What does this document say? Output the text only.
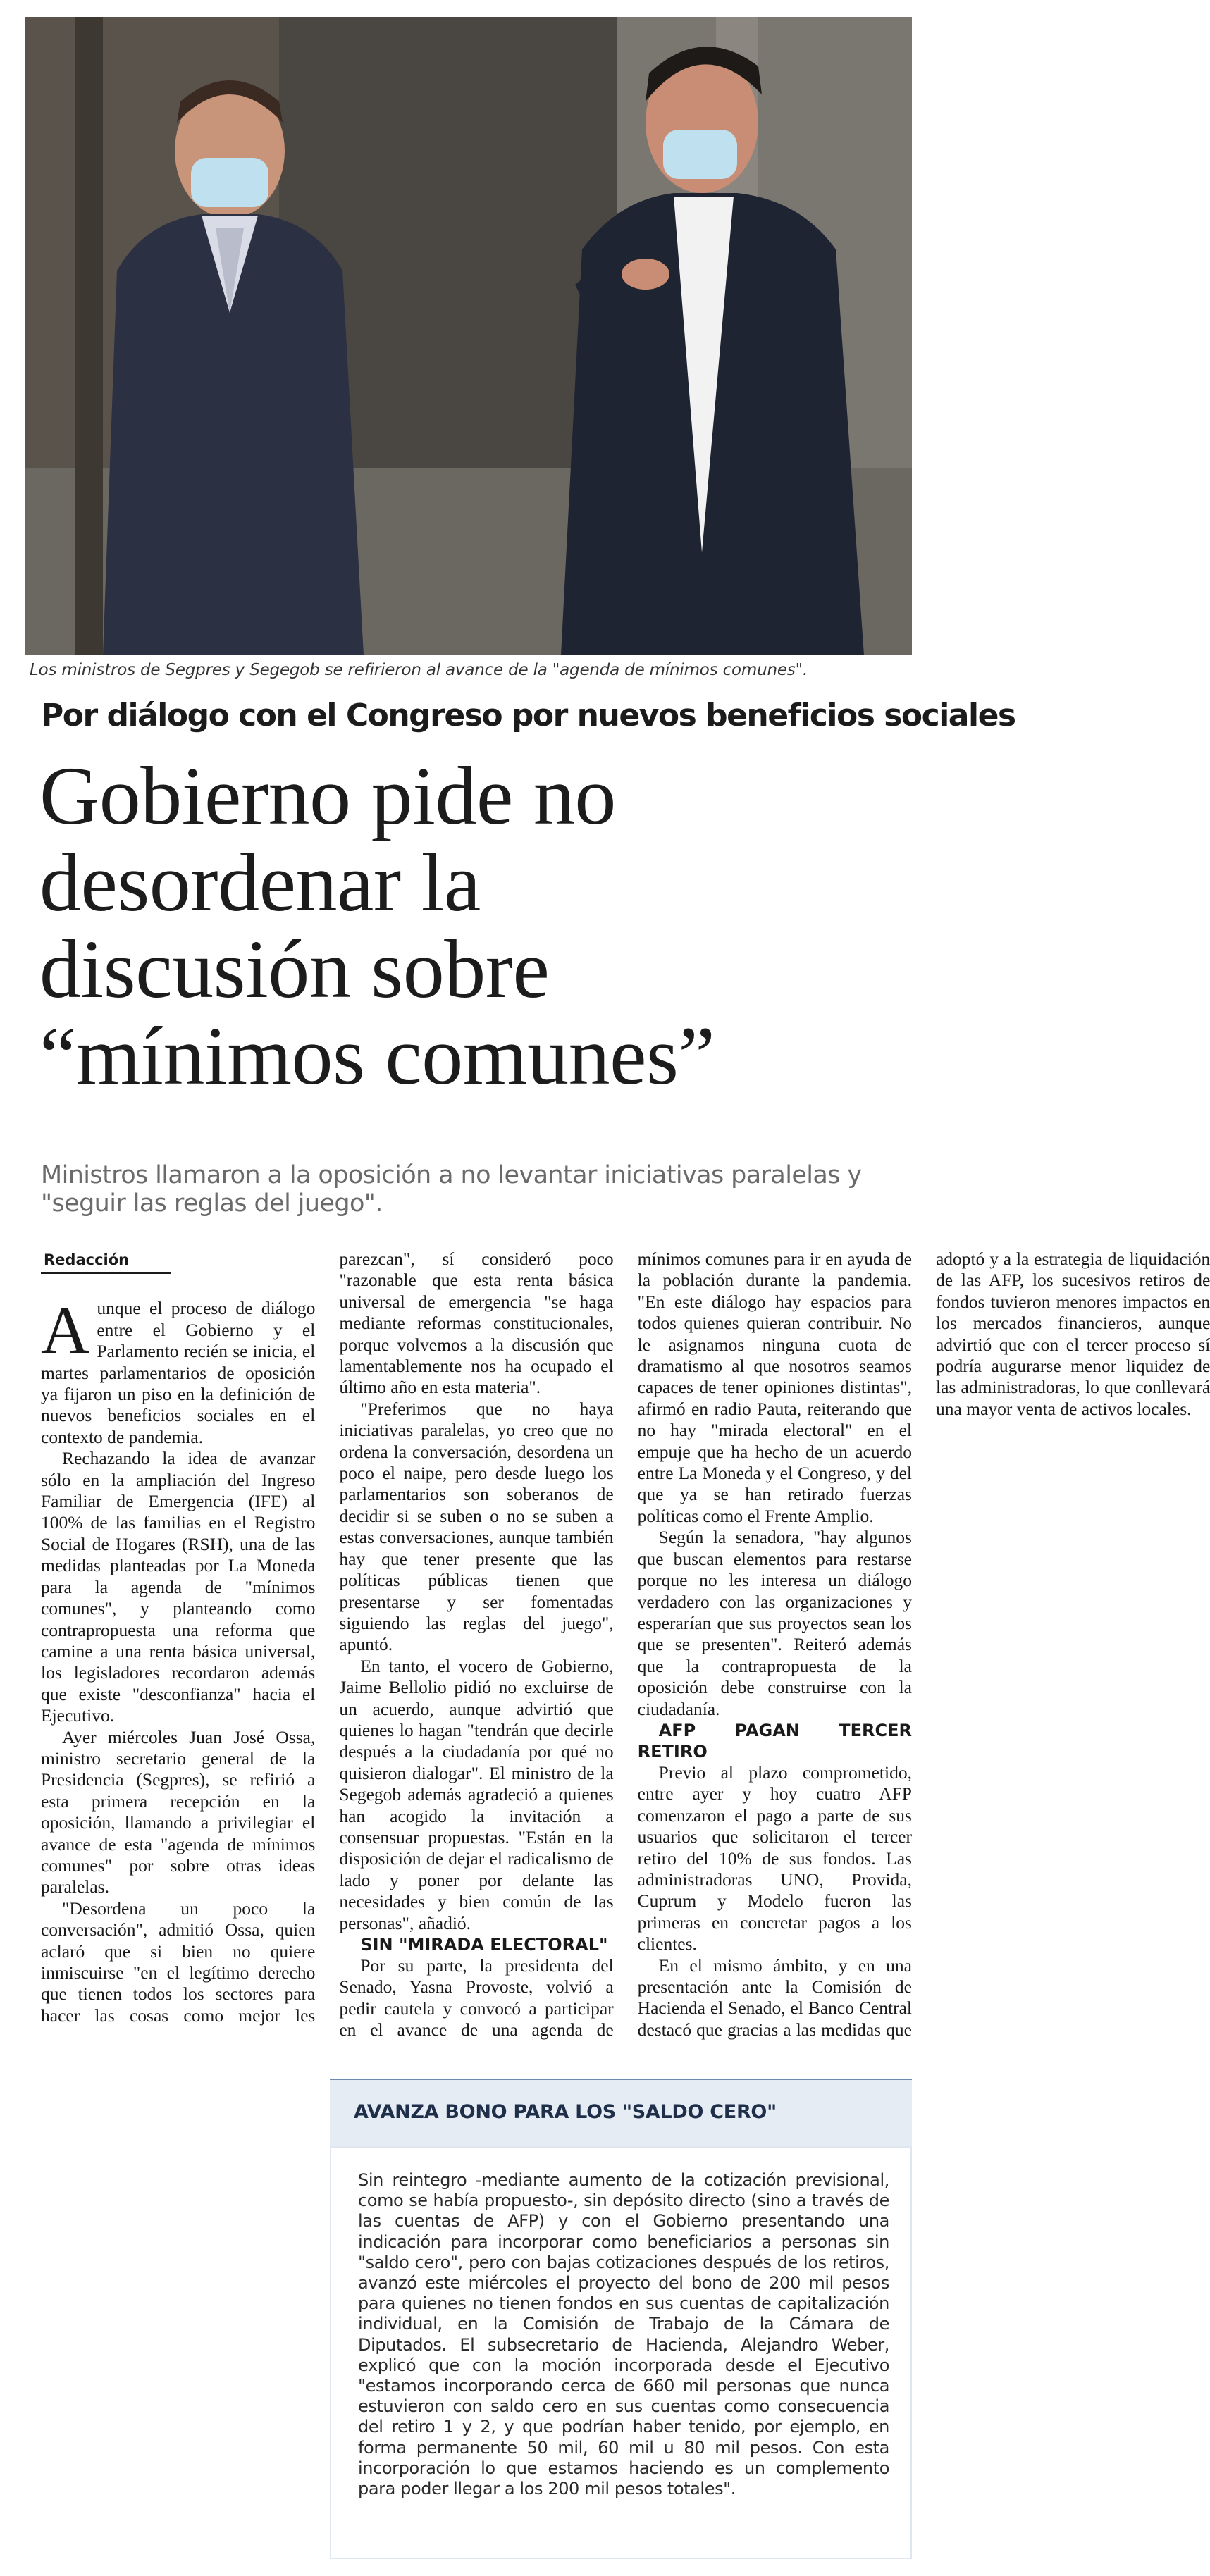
Los ministros de Segpres y Segegob se refirieron al avance de la "agenda de mínimos comunes".
Por diálogo con el Congreso por nuevos beneficios sociales
Gobierno pide no
desordenar la
discusión sobre
“mínimos comunes”
Ministros llamaron a la oposición a no levantar iniciativas paralelas y "seguir las reglas del juego".
Redacción

Aunque el proceso de diálogo entre el Gobierno y el Parlamento recién se inicia, el martes parlamentarios de oposición ya fijaron un piso en la definición de nuevos beneficios sociales en el contexto de pandemia.

Rechazando la idea de avanzar sólo en la ampliación del Ingreso Familiar de Emergencia (IFE) al 100% de las familias en el Registro Social de Hogares (RSH), una de las medidas planteadas por La Moneda para la agenda de "mínimos comunes", y planteando como contrapropuesta una reforma que camine a una renta básica universal, los legisladores recordaron además que existe "desconfianza" hacia el Ejecutivo.

Ayer miércoles Juan José Ossa, ministro secretario general de la Presidencia (Segpres), se refirió a esta primera recepción en la oposición, llamando a privilegiar el avance de esta "agenda de mínimos comunes" por sobre otras ideas paralelas.

"Desordena un poco la conversación", admitió Ossa, quien aclaró que si bien no quiere inmiscuirse "en el legítimo derecho que tienen todos los sectores para hacer las cosas como mejor les parezcan", sí consideró poco "razonable que esta renta básica universal de emergencia "se haga mediante reformas constitucionales, porque volvemos a la discusión que lamentablemente nos ha ocupado el último año en esta materia".

"Preferimos que no haya iniciativas paralelas, yo creo que no ordena la conversación, desordena un poco el naipe, pero desde luego los parlamentarios son soberanos de decidir si se suben o no se suben a estas conversaciones, aunque también hay que tener presente que las políticas públicas tienen que presentarse y ser fomentadas siguiendo las reglas del juego", apuntó.

En tanto, el vocero de Gobierno, Jaime Bellolio pidió no excluirse de un acuerdo, aunque advirtió que quienes lo hagan "tendrán que decirle después a la ciudadanía por qué no quisieron dialogar". El ministro de la Segegob además agradeció a quienes han acogido la invitación a consensuar propuestas. "Están en la disposición de dejar el radicalismo de lado y poner por delante las necesidades y bien común de las personas", añadió.

SIN "MIRADA ELECTORAL"

Por su parte, la presidenta del Senado, Yasna Provoste, volvió a pedir cautela y convocó a participar en el avance de una agenda de mínimos comunes para ir en ayuda de la población durante la pandemia. "En este diálogo hay espacios para todos quienes quieran contribuir. No le asignamos ninguna cuota de dramatismo al que nosotros seamos capaces de tener opiniones distintas", afirmó en radio Pauta, reiterando que no hay "mirada electoral" en el empuje que ha hecho de un acuerdo entre La Moneda y el Congreso, y del que ya se han retirado fuerzas políticas como el Frente Amplio.

Según la senadora, "hay algunos que buscan elementos para restarse porque no les interesa un diálogo verdadero con las organizaciones y esperarían que sus proyectos sean los que se presenten". Reiteró además que la contrapropuesta de la oposición debe construirse con la ciudadanía.

AFP PAGAN TERCER RETIRO

Previo al plazo comprometido, entre ayer y hoy cuatro AFP comenzaron el pago a parte de sus usuarios que solicitaron el tercer retiro del 10% de sus fondos. Las administradoras UNO, Provida, Cuprum y Modelo fueron las primeras en concretar pagos a los clientes.

En el mismo ámbito, y en una presentación ante la Comisión de Hacienda el Senado, el Banco Central destacó que gracias a las medidas que adoptó y a la estrategia de liquidación de las AFP, los sucesivos retiros de fondos tuvieron menores impactos en los mercados financieros, aunque advirtió que con el tercer proceso sí podría augurarse menor liquidez de las administradoras, lo que conllevará una mayor venta de activos locales.

AVANZA BONO PARA LOS "SALDO CERO"
Sin reintegro -mediante aumento de la cotización previsional, como se había propuesto-, sin depósito directo (sino a través de las cuentas de AFP) y con el Gobierno presentando una indicación para incorporar como beneficiarios a personas sin "saldo cero", pero con bajas cotizaciones después de los retiros, avanzó este miércoles el proyecto del bono de 200 mil pesos para quienes no tienen fondos en sus cuentas de capitalización individual, en la Comisión de Trabajo de la Cámara de Diputados. El subsecretario de Hacienda, Alejandro Weber, explicó que con la moción incorporada desde el Ejecutivo "estamos incorporando cerca de 660 mil personas que nunca estuvieron con saldo cero en sus cuentas como consecuencia del retiro 1 y 2, y que podrían haber tenido, por ejemplo, en forma permanente 50 mil, 60 mil u 80 mil pesos. Con esta incorporación lo que estamos haciendo es un complemento para poder llegar a los 200 mil pesos totales".
